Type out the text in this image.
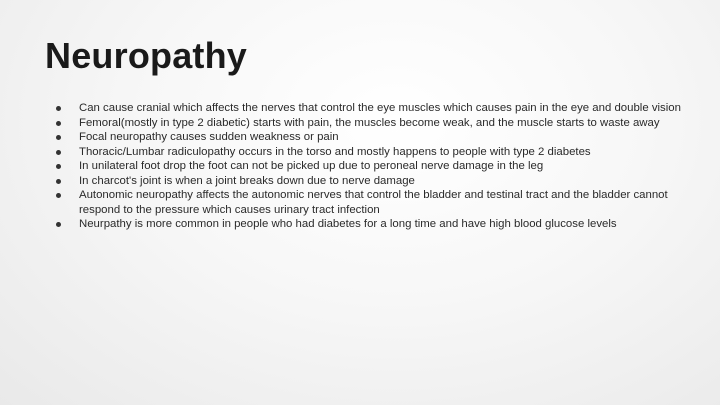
Neuropathy
Can cause cranial which affects the nerves that control the eye muscles which causes pain in the eye and double vision
Femoral(mostly in type 2 diabetic) starts with pain, the muscles become weak, and the muscle starts to waste away
Focal neuropathy causes sudden weakness or pain
Thoracic/Lumbar radiculopathy occurs in the torso and mostly happens to people with type 2 diabetes
In unilateral foot drop the foot can not be picked up due to peroneal nerve damage in the leg
In charcot's joint is when a joint breaks down due to nerve damage
Autonomic neuropathy affects the autonomic nerves that control the bladder and testinal tract and the bladder cannot respond to the pressure which causes urinary tract infection
Neurpathy is more common in people who had diabetes for a long time and have high blood glucose levels
